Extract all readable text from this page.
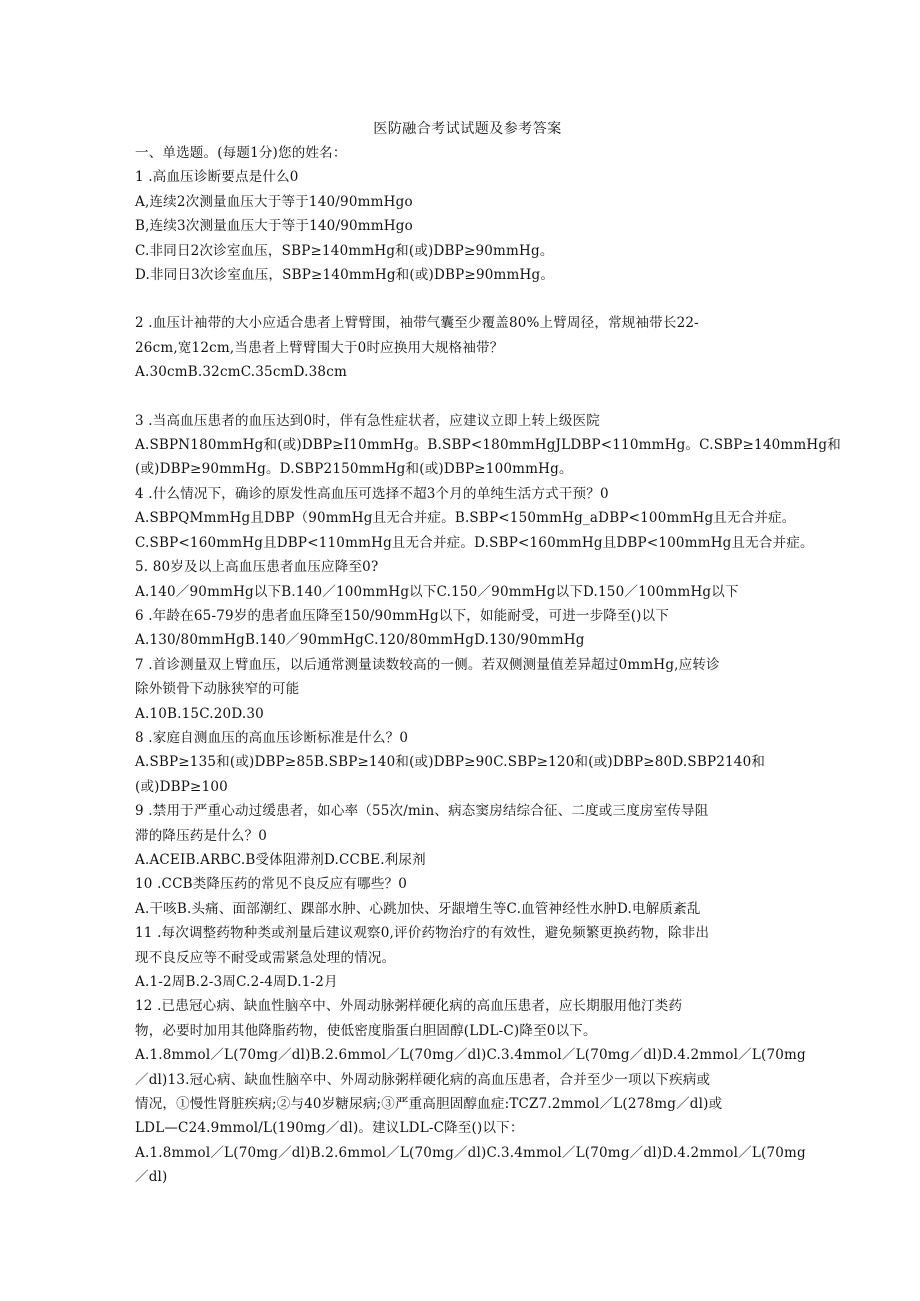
医防融合考试试题及参考答案

一、单选题。(每题1分)您的姓名：

1 .高血压诊断要点是什么0

A,连续2次测量血压大于等于140/90mmHgo

B,连续3次测量血压大于等于140/90mmHgo

C.非同日2次诊室血压，SBP≥140mmHg和(或)DBP≥90mmHg。

D.非同日3次诊室血压，SBP≥140mmHg和(或)DBP≥90mmHg。

2 .血压计袖带的大小应适合患者上臂臂围，袖带气囊至少覆盖80%上臂周径，常规袖带长22-

26cm,宽12cm,当患者上臂臂围大于0时应换用大规格袖带？

A.30cmB.32cmC.35cmD.38cm

3 .当高血压患者的血压达到0时，伴有急性症状者，应建议立即上转上级医院

A.SBPN180mmHg和(或)DBP≥I10mmHg。B.SBP<180mmHgJLDBP<110mmHg。C.SBP≥140mmHg和

(或)DBP≥90mmHg。D.SBP2150mmHg和(或)DBP≥100mmHg。

4 .什么情况下，确诊的原发性高血压可选择不超3个月的单纯生活方式干预？0

A.SBPQMmmHg且DBP（90mmHg且无合并症。B.SBP<150mmHg_aDBP<100mmHg且无合并症。

C.SBP<160mmHg且DBP<110mmHg且无合并症。D.SBP<160mmHg且DBP<100mmHg且无合并症。

5. 80岁及以上高血压患者血压应降至0?

A.140／90mmHg以下B.140／100mmHg以下C.150／90mmHg以下D.150／100mmHg以下

6 .年龄在65-79岁的患者血压降至150/90mmHg以下，如能耐受，可进一步降至()以下

A.130/80mmHgB.140／90mmHgC.120/80mmHgD.130/90mmHg

7 .首诊测量双上臂血压，以后通常测量读数较高的一侧。若双侧测量值差异超过0mmHg,应转诊

除外锁骨下动脉狭窄的可能

A.10B.15C.20D.30

8 .家庭自测血压的高血压诊断标准是什么？0

A.SBP≥135和(或)DBP≥85B.SBP≥140和(或)DBP≥90C.SBP≥120和(或)DBP≥80D.SBP2140和

(或)DBP≥100

9 .禁用于严重心动过缓患者，如心率（55次/min、病态窦房结综合征、二度或三度房室传导阻

滞的降压药是什么？0

A.ACEIB.ARBC.B受体阻滞剂D.CCBE.利尿剂

10 .CCB类降压药的常见不良反应有哪些？0

A.干咳B.头痛、面部潮红、踝部水肿、心跳加快、牙龈增生等C.血管神经性水肿D.电解质紊乱

11 .每次调整药物种类或剂量后建议观察0,评价药物治疗的有效性，避免频繁更换药物，除非出

现不良反应等不耐受或需紧急处理的情况。

A.1-2周B.2-3周C.2-4周D.1-2月

12 .已患冠心病、缺血性脑卒中、外周动脉粥样硬化病的高血压患者，应长期服用他汀类药

物，必要时加用其他降脂药物，使低密度脂蛋白胆固醇(LDL-C)降至0以下。

A.1.8mmol／L(70mg／dl)B.2.6mmol／L(70mg／dl)C.3.4mmol／L(70mg／dl)D.4.2mmol／L(70mg

／dl)13.冠心病、缺血性脑卒中、外周动脉粥样硬化病的高血压患者，合并至少一项以下疾病或

情况，①慢性肾脏疾病;②与40岁糖尿病;③严重高胆固醇血症:TCZ7.2mmol／L(278mg／dl)或

LDL—C24.9mmol/L(190mg／dl)。建议LDL-C降至()以下：

A.1.8mmol／L(70mg／dl)B.2.6mmol／L(70mg／dl)C.3.4mmol／L(70mg／dl)D.4.2mmol／L(70mg

／dl)
